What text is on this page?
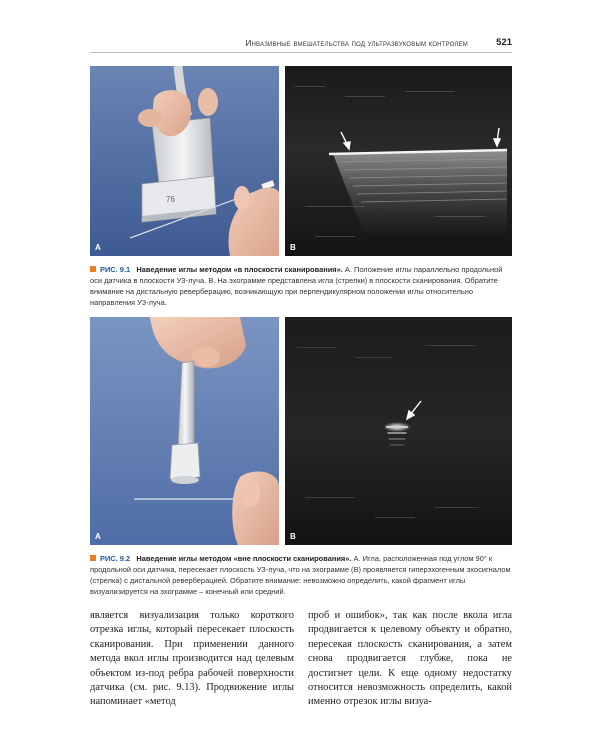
Инвазивные вмешательства под ультразвуковым контролем	521
76
А	В
РИС. 9.1 Наведение иглы методом «в плоскости сканирования». А. Положение иглы параллельно продольной оси датчика в плоскости УЗ-луча. В. На эхограмме представлена игла (стрелки) в плоскости сканирования. Обратите внимание на дистальную реверберацию, возникающую при перпендикулярном положении иглы относительно направления УЗ-луча.
А	В
РИС. 9.2 Наведение иглы методом «вне плоскости сканирования». А. Игла, расположенная под углом 90° к продольной оси датчика, пересекает плоскость УЗ-луча, что на эхограмме (В) проявляется гиперэхогенным эхосигналом (стрелка) с дистальной реверберацией. Обратите внимание: невозможно определить, какой фрагмент иглы визуализируется на эхограмме – конечный или средний.

является визуализация только короткого отрезка иглы, который пересекает плоскость сканирования. При применении данного метода вкол иглы производится над целевым объектом из-под ребра рабочей поверхности датчика (см. рис. 9.13). Продвижение иглы напоминает «метод

проб и ошибок», так как после вкола игла продвигается к целевому объекту и обратно, пересекая плоскость сканирования, а затем снова продвигается глубже, пока не достигнет цели. К еще одному недостатку относится невозможность определить, какой именно отрезок иглы визуа-
